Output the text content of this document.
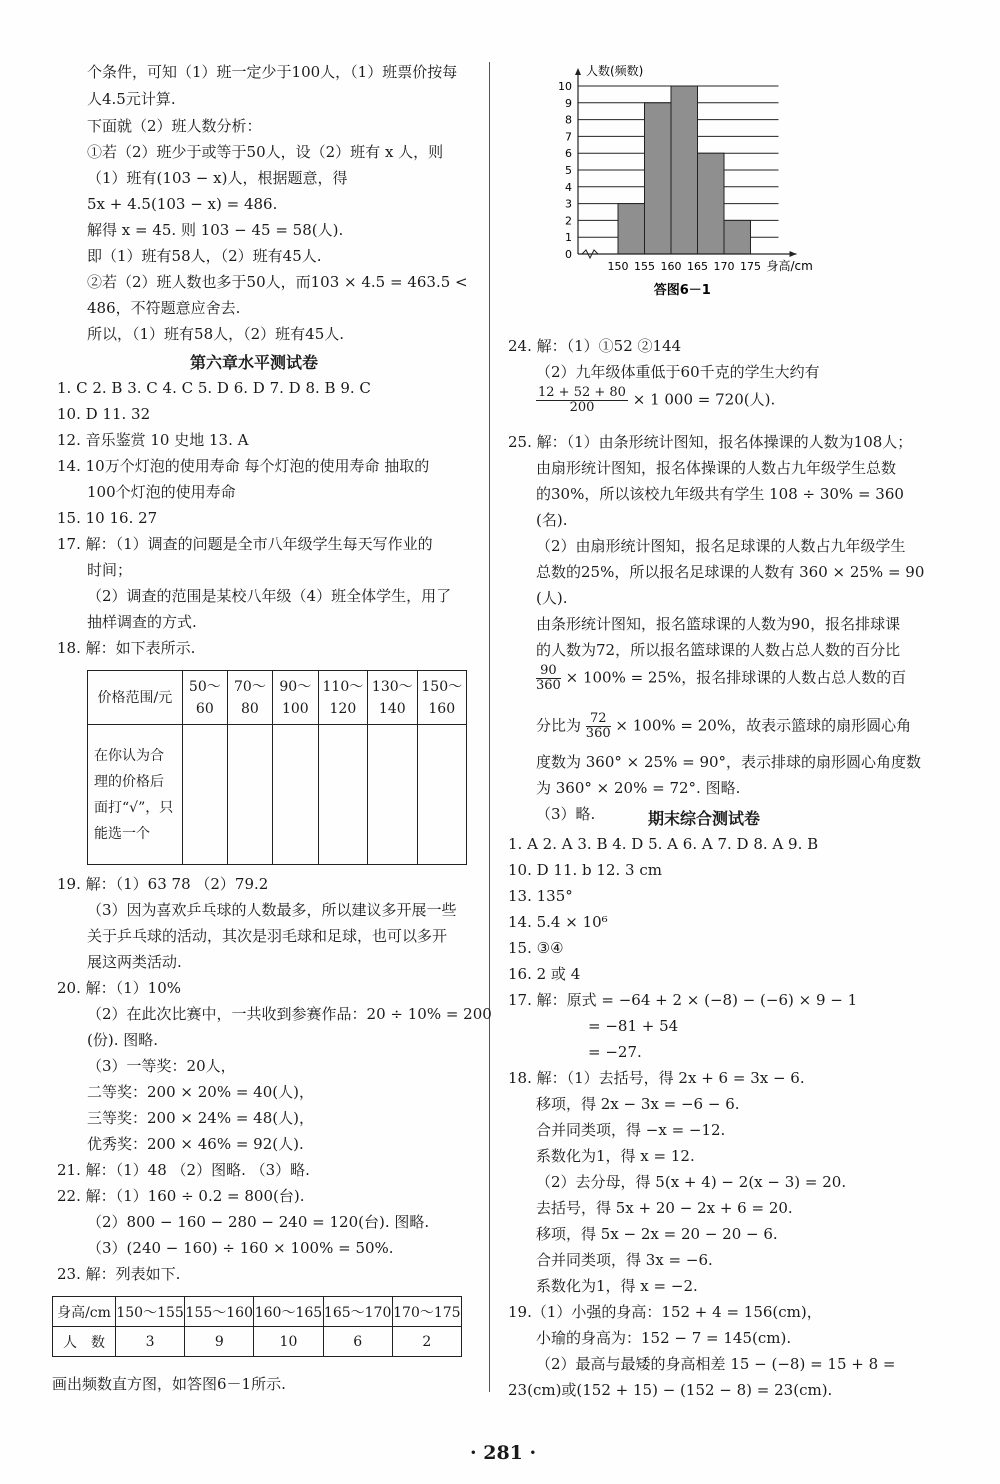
个条件，可知（1）班一定少于100人，（1）班票价按每
人4.5元计算.
下面就（2）班人数分析：
①若（2）班少于或等于50人，设（2）班有 x 人，则
（1）班有(103 − x)人，根据题意，得
5x + 4.5(103 − x) = 486.
解得 x = 45. 则 103 − 45 = 58(人).
即（1）班有58人，（2）班有45人.
②若（2）班人数也多于50人，而103 × 4.5 = 463.5 <
486，不符题意应舍去.
所以，（1）班有58人，（2）班有45人.
第六章水平测试卷
1. C 2. B 3. C 4. C 5. D 6. D 7. D 8. B 9. C
10. D 11. 32
12. 音乐鉴赏 10 史地 13. A
14. 10万个灯泡的使用寿命 每个灯泡的使用寿命 抽取的
100个灯泡的使用寿命
15. 10 16. 27
17. 解：（1）调查的问题是全市八年级学生每天写作业的
时间；
（2）调查的范围是某校八年级（4）班全体学生，用了
抽样调查的方式.
18. 解：如下表所示.
价格范围/元	50～60	70～80	90～100	110～120	130～140	150～160
在你认为合理的价格后面打“√”，只能选一个						
19. 解：（1）63 78 （2）79.2
（3）因为喜欢乒乓球的人数最多，所以建议多开展一些
关于乒乓球的活动，其次是羽毛球和足球，也可以多开
展这两类活动.
20. 解：（1）10%
（2）在此次比赛中，一共收到参赛作品：20 ÷ 10% = 200
(份). 图略.
（3）一等奖：20人，
二等奖：200 × 20% = 40(人)，
三等奖：200 × 24% = 48(人)，
优秀奖：200 × 46% = 92(人).
21. 解：（1）48 （2）图略. （3）略.
22. 解：（1）160 ÷ 0.2 = 800(台).
（2）800 − 160 − 280 − 240 = 120(台). 图略.
（3）(240 − 160) ÷ 160 × 100% = 50%.
23. 解：列表如下.
身高/cm	150～155	155～160	160～165	165～170	170～175
人　数	3	9	10	6	2
画出频数直方图，如答图6－1所示.
0
1
2
3
4
5
6
7
8
9
10
150 155 160 165 170 175
人数(频数)
身高/cm
答图6－1
24. 解：（1）①52 ②144
（2）九年级体重低于60千克的学生大约有
$\frac{12 + 52 + 80}{200} \times 1$ 000 = 720(人).
25. 解：（1）由条形统计图知，报名体操课的人数为108人；
由扇形统计图知，报名体操课的人数占九年级学生总数
的30%，所以该校九年级共有学生 108 ÷ 30% = 360
(名).
（2）由扇形统计图知，报名足球课的人数占九年级学生
总数的25%，所以报名足球课的人数有 360 × 25% = 90
(人).
由条形统计图知，报名篮球课的人数为90，报名排球课
的人数为72，所以报名篮球课的人数占总人数的百分比
$\frac{90}{360} \times 100\% = 25\%$，报名排球课的人数占总人数的百
分比为 $\frac{72}{360} \times 100\% = 20\%$，故表示篮球的扇形圆心角
度数为 360° × 25% = 90°，表示排球的扇形圆心角度数
为 360° × 20% = 72°. 图略.
（3）略.	期末综合测试卷
1. A 2. A 3. B 4. D 5. A 6. A 7. D 8. A 9. B
10. D 11. b 12. 3 cm
13. 135°
14. 5.4 × 10⁶
15. ③④
16. 2 或 4
17. 解：原式 = −64 + 2 × (−8) − (−6) × 9 − 1
= −81 + 54
= −27.
18. 解：（1）去括号，得 2x + 6 = 3x − 6.
移项，得 2x − 3x = −6 − 6.
合并同类项，得 −x = −12.
系数化为1，得 x = 12.
（2）去分母，得 5(x + 4) − 2(x − 3) = 20.
去括号，得 5x + 20 − 2x + 6 = 20.
移项，得 5x − 2x = 20 − 20 − 6.
合并同类项，得 3x = −6.
系数化为1，得 x = −2.
19.（1）小强的身高：152 + 4 = 156(cm)，
小瑜的身高为：152 − 7 = 145(cm).
（2）最高与最矮的身高相差 15 − (−8) = 15 + 8 =
23(cm)或(152 + 15) − (152 − 8) = 23(cm).
· 281 ·
